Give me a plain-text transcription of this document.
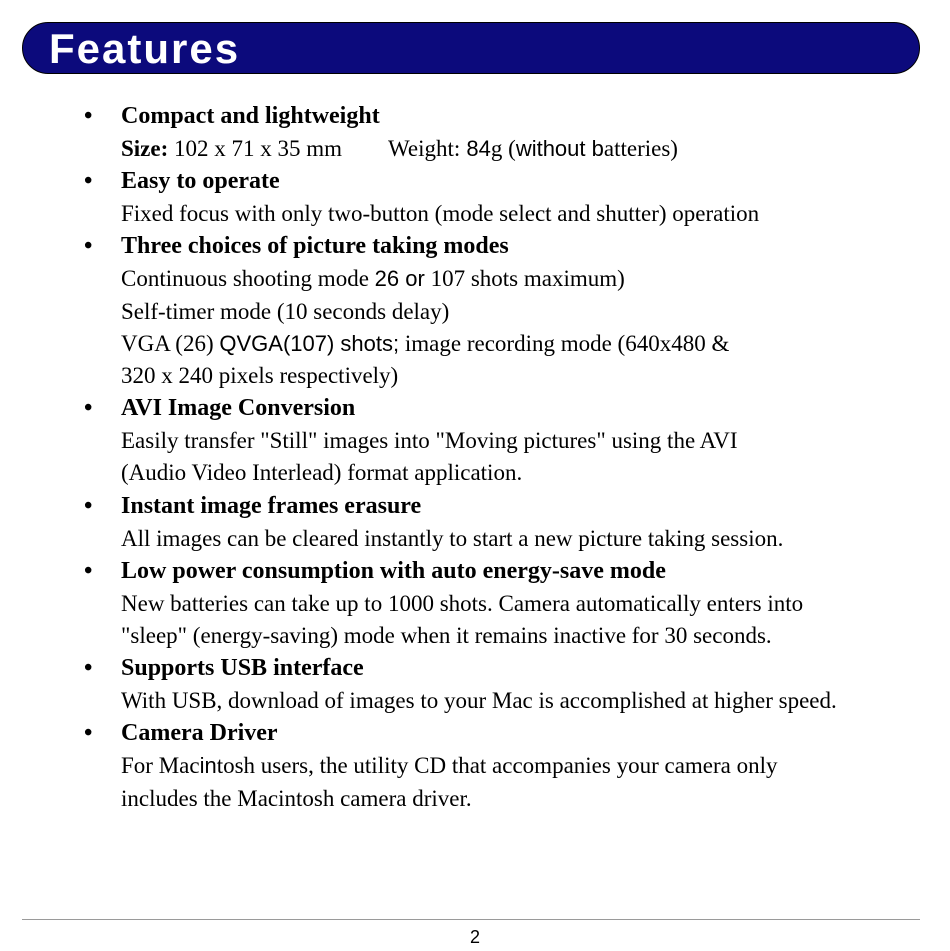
Features
• Compact and lightweight
Size: 102 x 71 x 35 mm Weight: 84g (without batteries)
• Easy to operate
Fixed focus with only two-button (mode select and shutter) operation
• Three choices of picture taking modes
Continuous shooting mode 26 or 107 shots maximum)
Self-timer mode (10 seconds delay)
VGA (26) QVGA(107) shots; image recording mode (640x480 &
320 x 240 pixels respectively)
• AVI Image Conversion
Easily transfer "Still" images into "Moving pictures" using the AVI
(Audio Video Interlead) format application.
• Instant image frames erasure
All images can be cleared instantly to start a new picture taking session.
• Low power consumption with auto energy-save mode
New batteries can take up to 1000 shots. Camera automatically enters into
"sleep" (energy-saving) mode when it remains inactive for 30 seconds.
• Supports USB interface
With USB, download of images to your Mac is accomplished at higher speed.
• Camera Driver
For Macintosh users, the utility CD that accompanies your camera only
includes the Macintosh camera driver.
2
